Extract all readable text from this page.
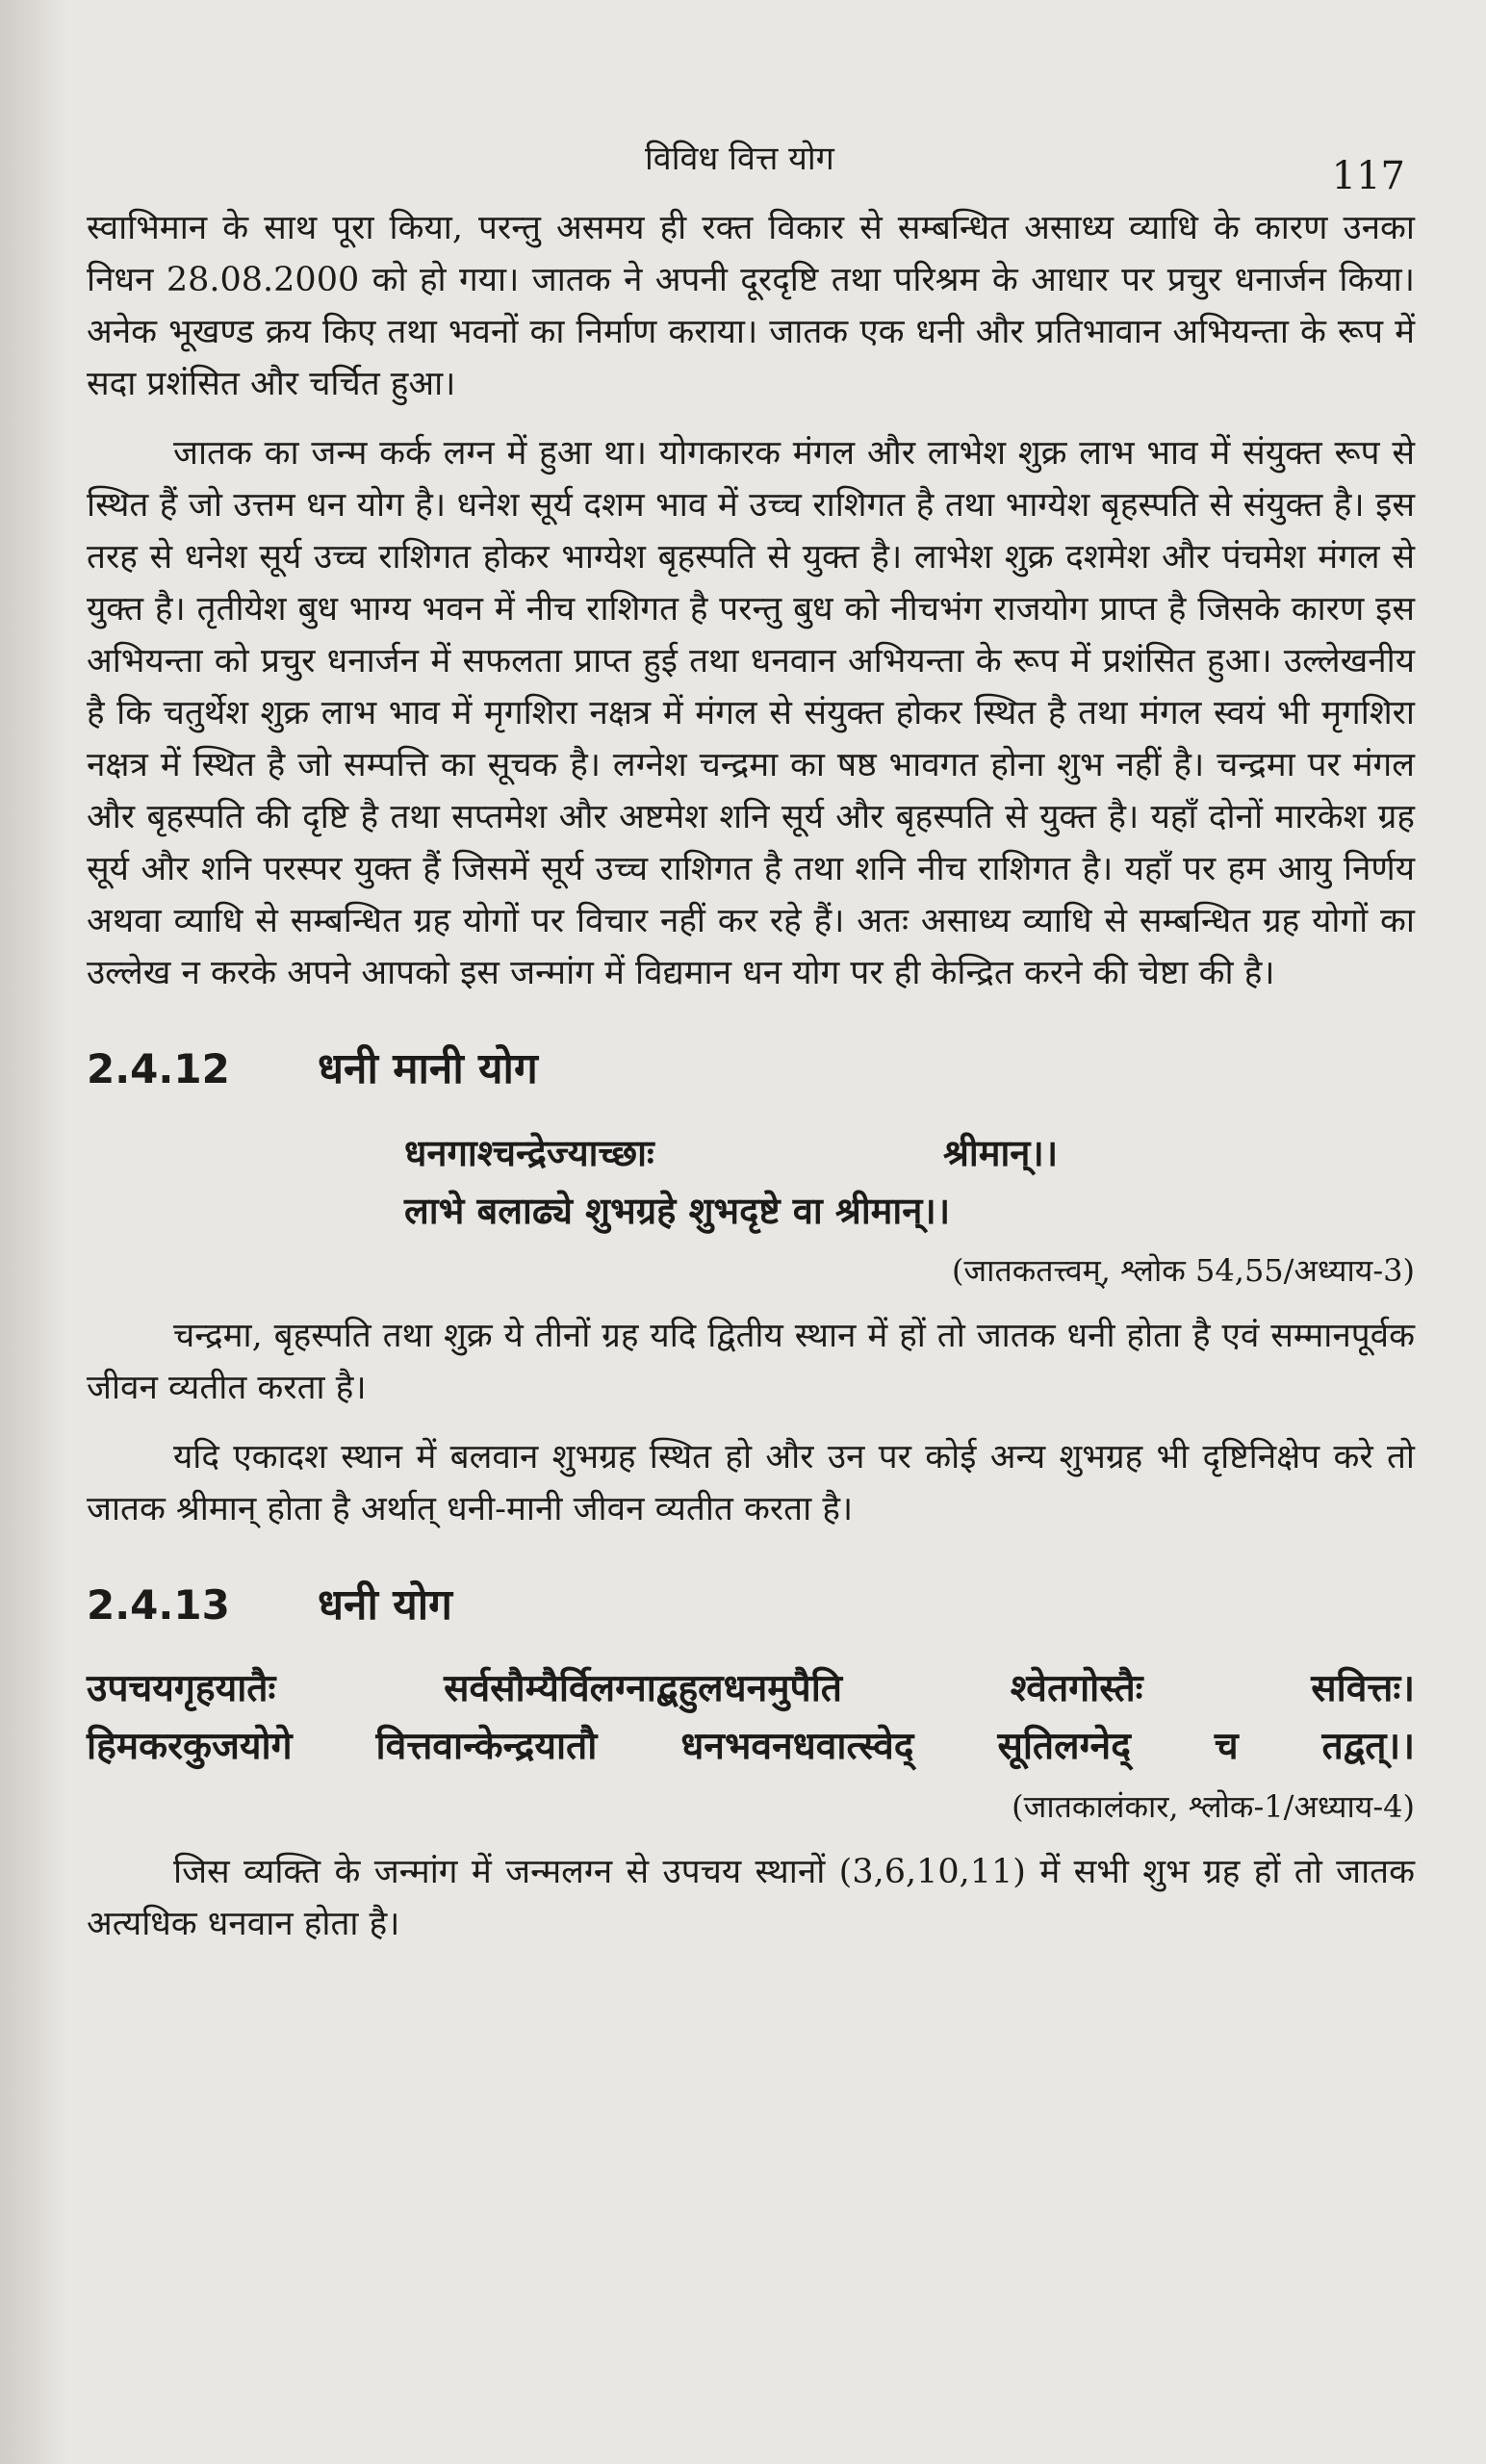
विविध वित्त योग	117

स्वाभिमान के साथ पूरा किया, परन्तु असमय ही रक्त विकार से सम्बन्धित असाध्य व्याधि के कारण उनका निधन 28.08.2000 को हो गया। जातक ने अपनी दूरदृष्टि तथा परिश्रम के आधार पर प्रचुर धनार्जन किया। अनेक भूखण्ड क्रय किए तथा भवनों का निर्माण कराया। जातक एक धनी और प्रतिभावान अभियन्ता के रूप में सदा प्रशंसित और चर्चित हुआ।

जातक का जन्म कर्क लग्न में हुआ था। योगकारक मंगल और लाभेश शुक्र लाभ भाव में संयुक्त रूप से स्थित हैं जो उत्तम धन योग है। धनेश सूर्य दशम भाव में उच्च राशिगत है तथा भाग्येश बृहस्पति से संयुक्त है। इस तरह से धनेश सूर्य उच्च राशिगत होकर भाग्येश बृहस्पति से युक्त है। लाभेश शुक्र दशमेश और पंचमेश मंगल से युक्त है। तृतीयेश बुध भाग्य भवन में नीच राशिगत है परन्तु बुध को नीचभंग राजयोग प्राप्त है जिसके कारण इस अभियन्ता को प्रचुर धनार्जन में सफलता प्राप्त हुई तथा धनवान अभियन्ता के रूप में प्रशंसित हुआ। उल्लेखनीय है कि चतुर्थेश शुक्र लाभ भाव में मृगशिरा नक्षत्र में मंगल से संयुक्त होकर स्थित है तथा मंगल स्वयं भी मृगशिरा नक्षत्र में स्थित है जो सम्पत्ति का सूचक है। लग्नेश चन्द्रमा का षष्ठ भावगत होना शुभ नहीं है। चन्द्रमा पर मंगल और बृहस्पति की दृष्टि है तथा सप्तमेश और अष्टमेश शनि सूर्य और बृहस्पति से युक्त है। यहाँ दोनों मारकेश ग्रह सूर्य और शनि परस्पर युक्त हैं जिसमें सूर्य उच्च राशिगत है तथा शनि नीच राशिगत है। यहाँ पर हम आयु निर्णय अथवा व्याधि से सम्बन्धित ग्रह योगों पर विचार नहीं कर रहे हैं। अतः असाध्य व्याधि से सम्बन्धित ग्रह योगों का उल्लेख न करके अपने आपको इस जन्मांग में विद्यमान धन योग पर ही केन्द्रित करने की चेष्टा की है।

2.4.12	धनी मानी योग
धनगाश्चन्द्रेज्याच्छाः	श्रीमान्।।
लाभे बलाढ्ये शुभग्रहे शुभदृष्टे वा श्रीमान्।।
(जातकतत्त्वम्, श्लोक 54,55/अध्याय-3)

चन्द्रमा, बृहस्पति तथा शुक्र ये तीनों ग्रह यदि द्वितीय स्थान में हों तो जातक धनी होता है एवं सम्मानपूर्वक जीवन व्यतीत करता है।

यदि एकादश स्थान में बलवान शुभग्रह स्थित हो और उन पर कोई अन्य शुभग्रह भी दृष्टिनिक्षेप करे तो जातक श्रीमान् होता है अर्थात् धनी-मानी जीवन व्यतीत करता है।

2.4.13	धनी योग
उपचयगृहयातैः सर्वसौम्यैर्विलग्नाद्बहुलधनमुपैति श्वेतगोस्तैः सवित्तः।
हिमकरकुजयोगे वित्तवान्केन्द्रयातौ धनभवनधवात्स्वेद् सूतिलग्नेद् च तद्वत्।।
(जातकालंकार, श्लोक-1/अध्याय-4)

जिस व्यक्ति के जन्मांग में जन्मलग्न से उपचय स्थानों (3,6,10,11) में सभी शुभ ग्रह हों तो जातक अत्यधिक धनवान होता है।
